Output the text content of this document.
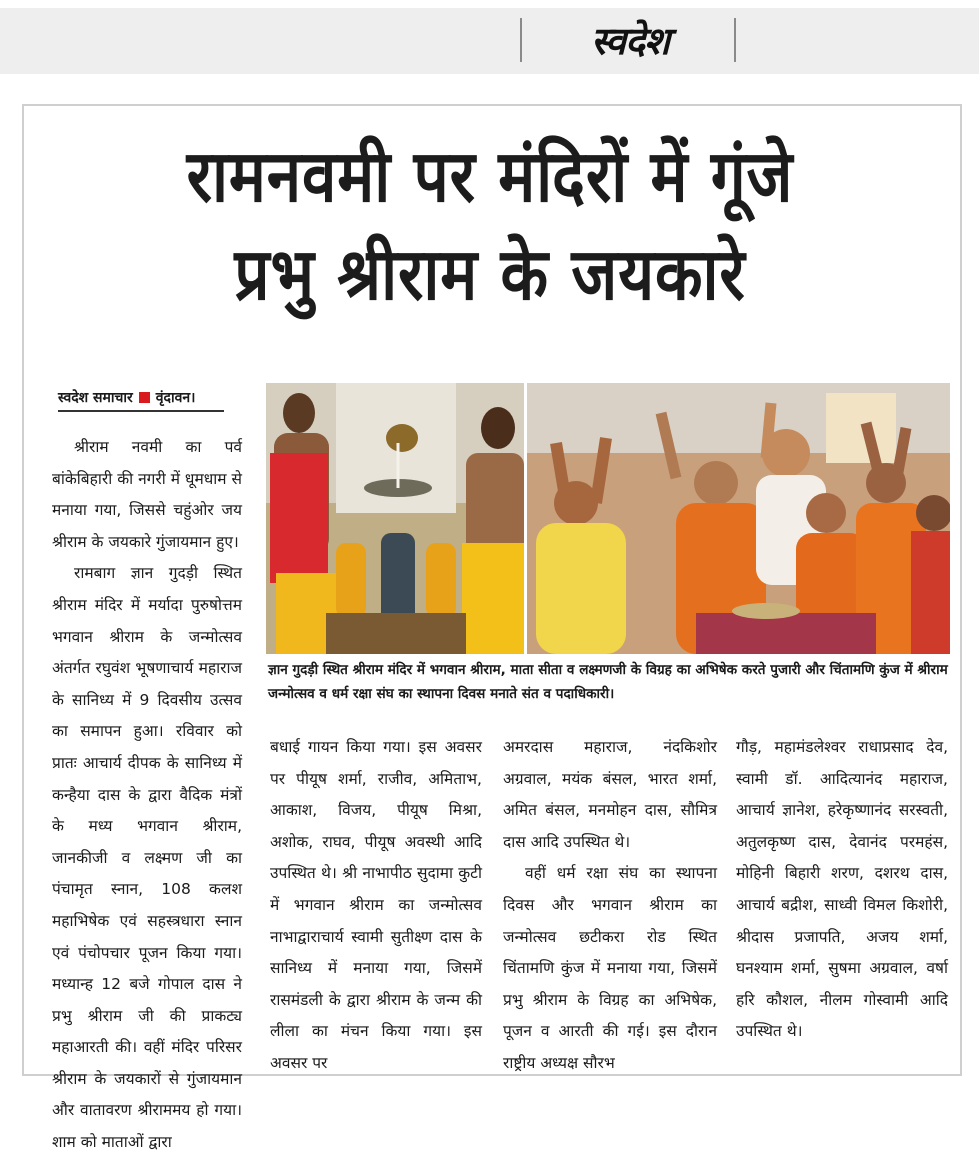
स्वदेश
रामनवमी पर मंदिरों में गूंजे
प्रभु श्रीराम के जयकारे
स्वदेश समाचार वृंदावन।

श्रीराम नवमी का पर्व बांकेबिहारी की नगरी में धूमधाम से मनाया गया, जिससे चहुंओर जय श्रीराम के जयकारे गुंजायमान हुए।

रामबाग ज्ञान गुदड़ी स्थित श्रीराम मंदिर में मर्यादा पुरुषोत्तम भगवान श्रीराम के जन्मोत्सव अंतर्गत रघुवंश भूषणाचार्य महाराज के सानिध्य में 9 दिवसीय उत्सव का समापन हुआ। रविवार को प्रातः आचार्य दीपक के सानिध्य में कन्हैया दास के द्वारा वैदिक मंत्रों के मध्य भगवान श्रीराम, जानकीजी व लक्ष्मण जी का पंचामृत स्नान, 108 कलश महाभिषेक एवं सहस्त्रधारा स्नान एवं पंचोपचार पूजन किया गया। मध्यान्ह 12 बजे गोपाल दास ने प्रभु श्रीराम जी की प्राकट्य महाआरती की। वहीं मंदिर परिसर श्रीराम के जयकारों से गुंजायमान और वातावरण श्रीराममय हो गया। शाम को माताओं द्वारा

ज्ञान गुदड़ी स्थित श्रीराम मंदिर में भगवान श्रीराम, माता सीता व लक्ष्मणजी के विग्रह का अभिषेक करते पुजारी और चिंतामणि कुंज में श्रीराम जन्मोत्सव व धर्म रक्षा संघ का स्थापना दिवस मनाते संत व पदाधिकारी।

बधाई गायन किया गया। इस अवसर पर पीयूष शर्मा, राजीव, अमिताभ, आकाश, विजय, पीयूष मिश्रा, अशोक, राघव, पीयूष अवस्थी आदि उपस्थित थे। श्री नाभापीठ सुदामा कुटी में भगवान श्रीराम का जन्मोत्सव नाभाद्वाराचार्य स्वामी सुतीक्ष्ण दास के सानिध्य में मनाया गया, जिसमें रासमंडली के द्वारा श्रीराम के जन्म की लीला का मंचन किया गया। इस अवसर पर

अमरदास महाराज, नंदकिशोर अग्रवाल, मयंक बंसल, भारत शर्मा, अमित बंसल, मनमोहन दास, सौमित्र दास आदि उपस्थित थे।

वहीं धर्म रक्षा संघ का स्थापना दिवस और भगवान श्रीराम का जन्मोत्सव छटीकरा रोड स्थित चिंतामणि कुंज में मनाया गया, जिसमें प्रभु श्रीराम के विग्रह का अभिषेक, पूजन व आरती की गई। इस दौरान राष्ट्रीय अध्यक्ष सौरभ

गौड़, महामंडलेश्वर राधाप्रसाद देव, स्वामी डॉ. आदित्यानंद महाराज, आचार्य ज्ञानेश, हरेकृष्णानंद सरस्वती, अतुलकृष्ण दास, देवानंद परमहंस, मोहिनी बिहारी शरण, दशरथ दास, आचार्य बद्रीश, साध्वी विमल किशोरी, श्रीदास प्रजापति, अजय शर्मा, घनश्याम शर्मा, सुषमा अग्रवाल, वर्षा हरि कौशल, नीलम गोस्वामी आदि उपस्थित थे।
